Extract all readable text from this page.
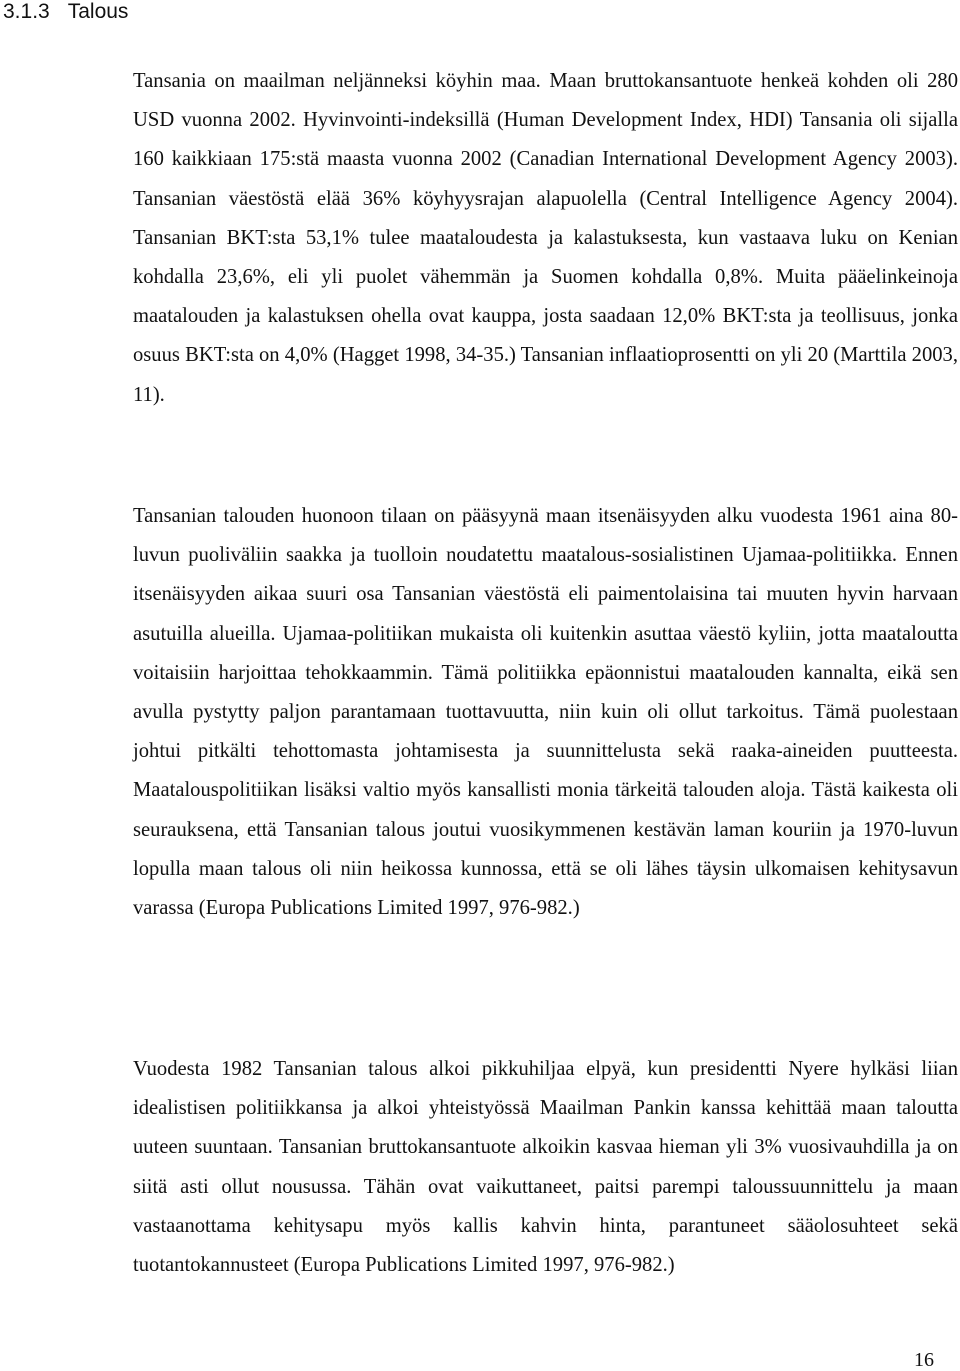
3.1.3 Talous

Tansania on maailman neljänneksi köyhin maa. Maan bruttokansantuote henkeä kohden oli 280 USD vuonna 2002. Hyvinvointi-indeksillä (Human Development Index, HDI) Tansania oli sijalla 160 kaikkiaan 175:stä maasta vuonna 2002 (Canadian International Development Agency 2003). Tansanian väestöstä elää 36% köyhyysrajan alapuolella (Central Intelligence Agency 2004). Tansanian BKT:sta 53,1% tulee maataloudesta ja kalastuksesta, kun vastaava luku on Kenian kohdalla 23,6%, eli yli puolet vähemmän ja Suomen kohdalla 0,8%. Muita pääelinkeinoja maatalouden ja kalastuksen ohella ovat kauppa, josta saadaan 12,0% BKT:sta ja teollisuus, jonka osuus BKT:sta on 4,0% (Hagget 1998, 34-35.) Tansanian inflaatioprosentti on yli 20 (Marttila 2003, 11).

Tansanian talouden huonoon tilaan on pääsyynä maan itsenäisyyden alku vuodesta 1961 aina 80-luvun puoliväliin saakka ja tuolloin noudatettu maatalous-sosialistinen Ujamaa-politiikka. Ennen itsenäisyyden aikaa suuri osa Tansanian väestöstä eli paimentolaisina tai muuten hyvin harvaan asutuilla alueilla. Ujamaa-politiikan mukaista oli kuitenkin asuttaa väestö kyliin, jotta maataloutta voitaisiin harjoittaa tehokkaammin. Tämä politiikka epäonnistui maatalouden kannalta, eikä sen avulla pystytty paljon parantamaan tuottavuutta, niin kuin oli ollut tarkoitus. Tämä puolestaan johtui pitkälti tehottomasta johtamisesta ja suunnittelusta sekä raaka-aineiden puutteesta. Maatalouspolitiikan lisäksi valtio myös kansallisti monia tärkeitä talouden aloja. Tästä kaikesta oli seurauksena, että Tansanian talous joutui vuosikymmenen kestävän laman kouriin ja 1970-luvun lopulla maan talous oli niin heikossa kunnossa, että se oli lähes täysin ulkomaisen kehitysavun varassa (Europa Publications Limited 1997, 976-982.)

Vuodesta 1982 Tansanian talous alkoi pikkuhiljaa elpyä, kun presidentti Nyere hylkäsi liian idealistisen politiikkansa ja alkoi yhteistyössä Maailman Pankin kanssa kehittää maan taloutta uuteen suuntaan. Tansanian bruttokansantuote alkoikin kasvaa hieman yli 3% vuosivauhdilla ja on siitä asti ollut nousussa. Tähän ovat vaikuttaneet, paitsi parempi taloussuunnittelu ja maan vastaanottama kehitysapu myös kallis kahvin hinta, parantuneet sääolosuhteet sekä tuotantokannusteet (Europa Publications Limited 1997, 976-982.)

16
